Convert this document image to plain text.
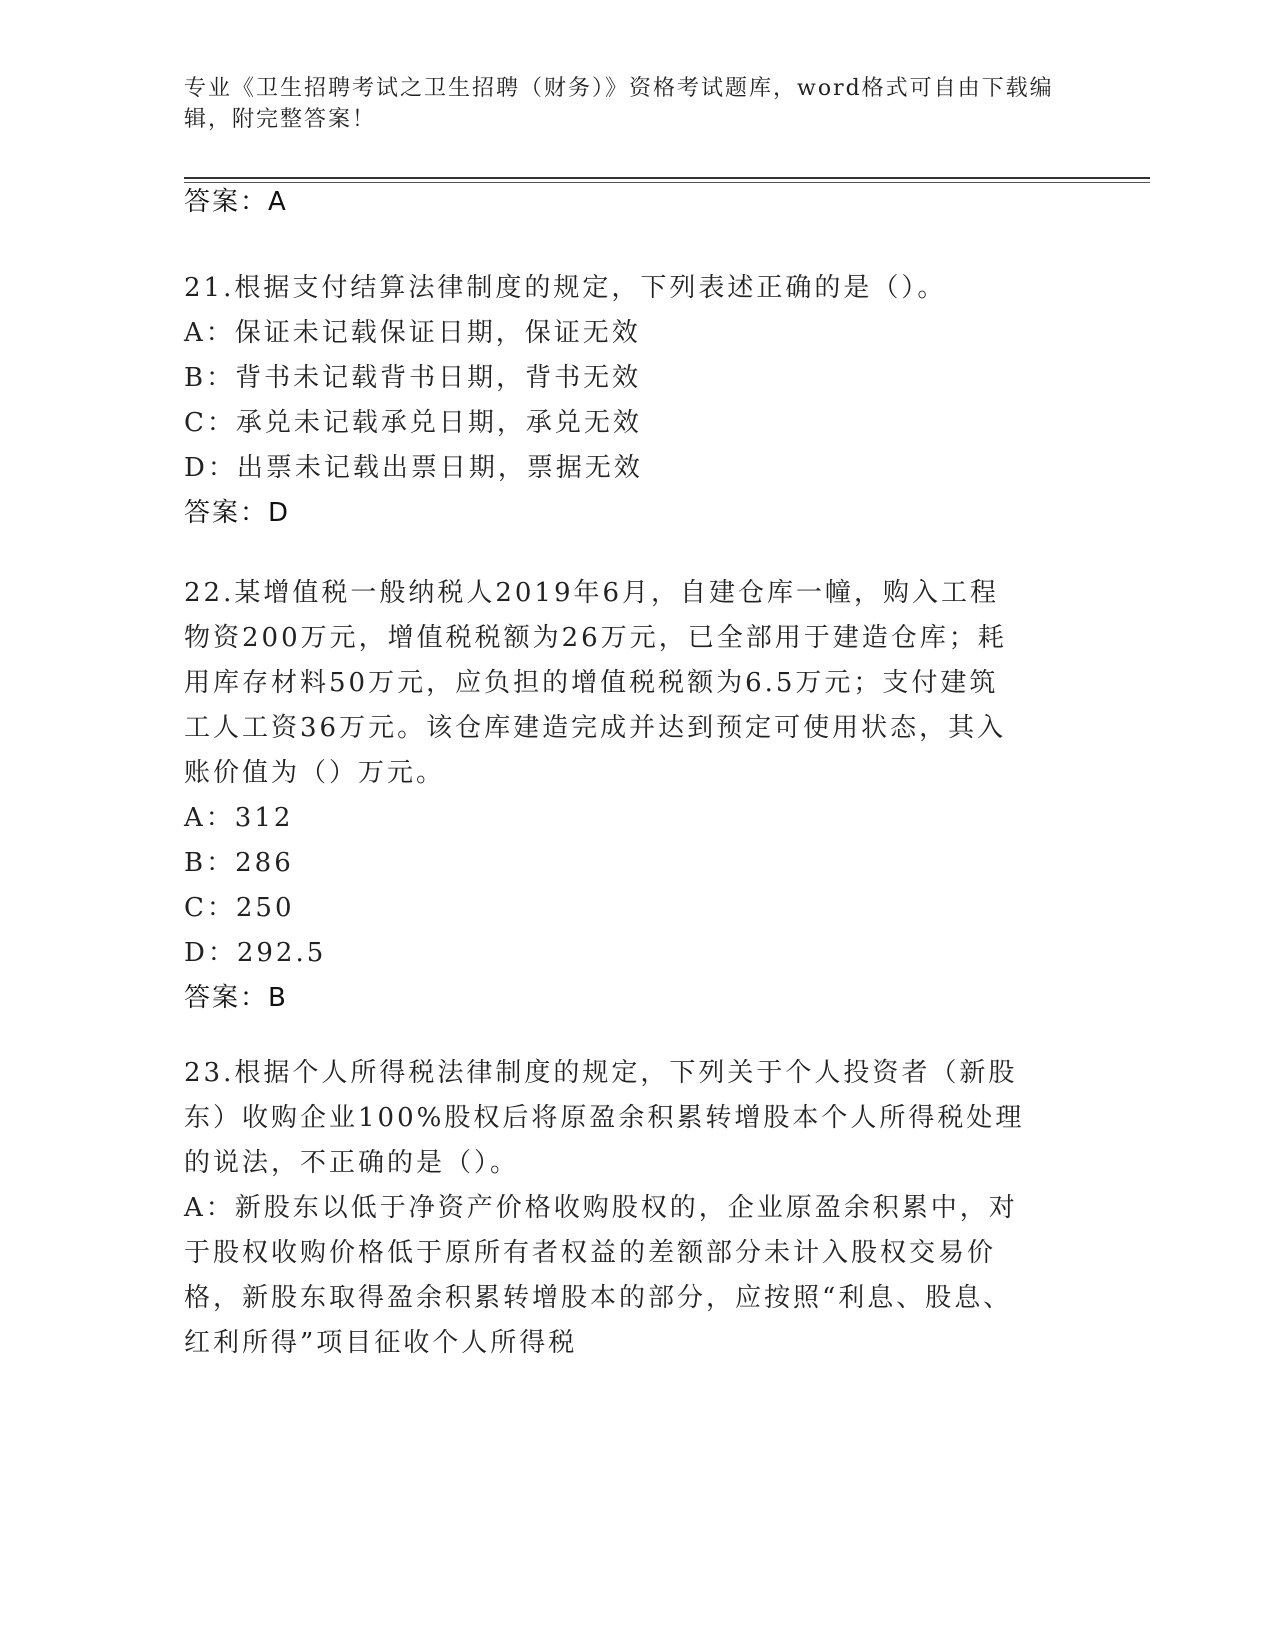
专业《卫生招聘考试之卫生招聘（财务）》资格考试题库，word格式可自由下载编辑，附完整答案！
答案：A

21.根据支付结算法律制度的规定，下列表述正确的是（）。

A：保证未记载保证日期，保证无效
B：背书未记载背书日期，背书无效
C：承兑未记载承兑日期，承兑无效
D：出票未记载出票日期，票据无效
答案：D

22.某增值税一般纳税人2019年6月，自建仓库一幢，购入工程物资200万元，增值税税额为26万元，已全部用于建造仓库；耗用库存材料50万元，应负担的增值税税额为6.5万元；支付建筑工人工资36万元。该仓库建造完成并达到预定可使用状态，其入账价值为（）万元。

A：312
B：286
C：250
D：292.5
答案：B

23.根据个人所得税法律制度的规定，下列关于个人投资者（新股东）收购企业100%股权后将原盈余积累转增股本个人所得税处理的说法，不正确的是（）。

A：新股东以低于净资产价格收购股权的，企业原盈余积累中，对于股权收购价格低于原所有者权益的差额部分未计入股权交易价格，新股东取得盈余积累转增股本的部分，应按照“利息、股息、红利所得”项目征收个人所得税
